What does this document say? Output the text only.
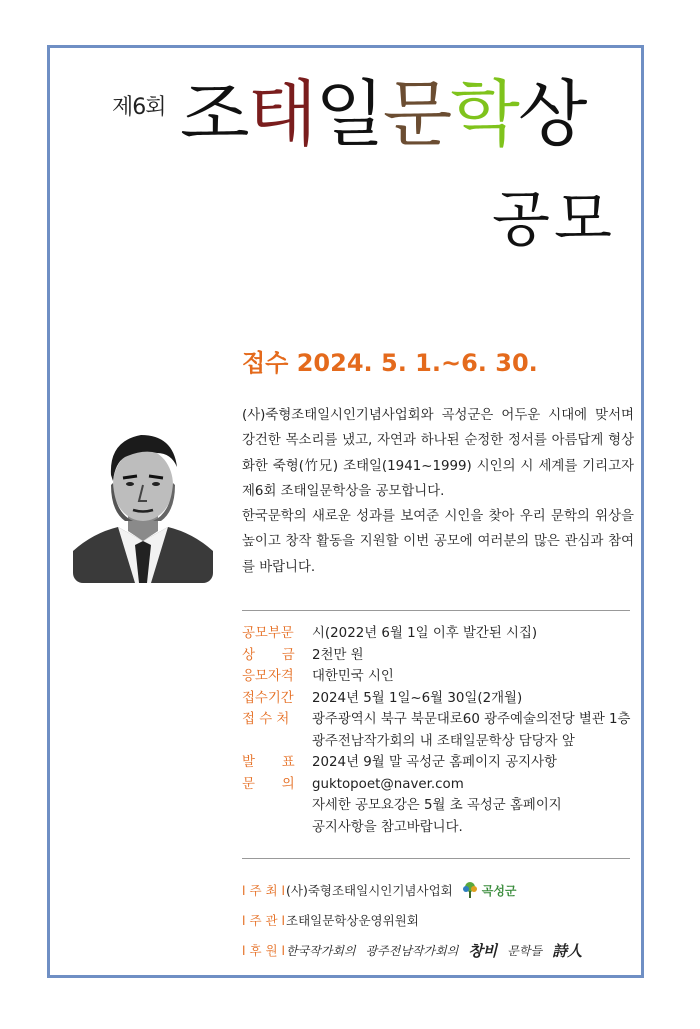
제6회 조태일문학상
공모
접수 2024. 5. 1.~6. 30.

(사)죽형조태일시인기념사업회와 곡성군은 어두운 시대에 맞서며 강건한 목소리를 냈고, 자연과 하나된 순정한 정서를 아름답게 형상화한 죽형(竹兄) 조태일(1941~1999) 시인의 시 세계를 기리고자 제6회 조태일문학상을 공모합니다.

한국문학의 새로운 성과를 보여준 시인을 찾아 우리 문학의 위상을 높이고 창작 활동을 지원할 이번 공모에 여러분의 많은 관심과 참여를 바랍니다.

공모부문	시(2022년 6월 1일 이후 발간된 시집)
상　　금	2천만 원
응모자격	대한민국 시인
접수기간	2024년 5월 1일~6월 30일(2개월)
접 수 처	광주광역시 북구 북문대로60 광주예술의전당 별관 1층
광주전남작가회의 내 조태일문학상 담당자 앞
발　　표	2024년 9월 말 곡성군 홈페이지 공지사항
문　　의	guktopoet@naver.com
자세한 공모요강은 5월 초 곡성군 홈페이지
공지사항을 참고바랍니다.
l 주 최 l (사)죽형조태일시인기념사업회 곡성군
l 주 관 l 조태일문학상운영위원회
l 후 원 l 한국작가회의 광주전남작가회의 창비 문학들 詩人
